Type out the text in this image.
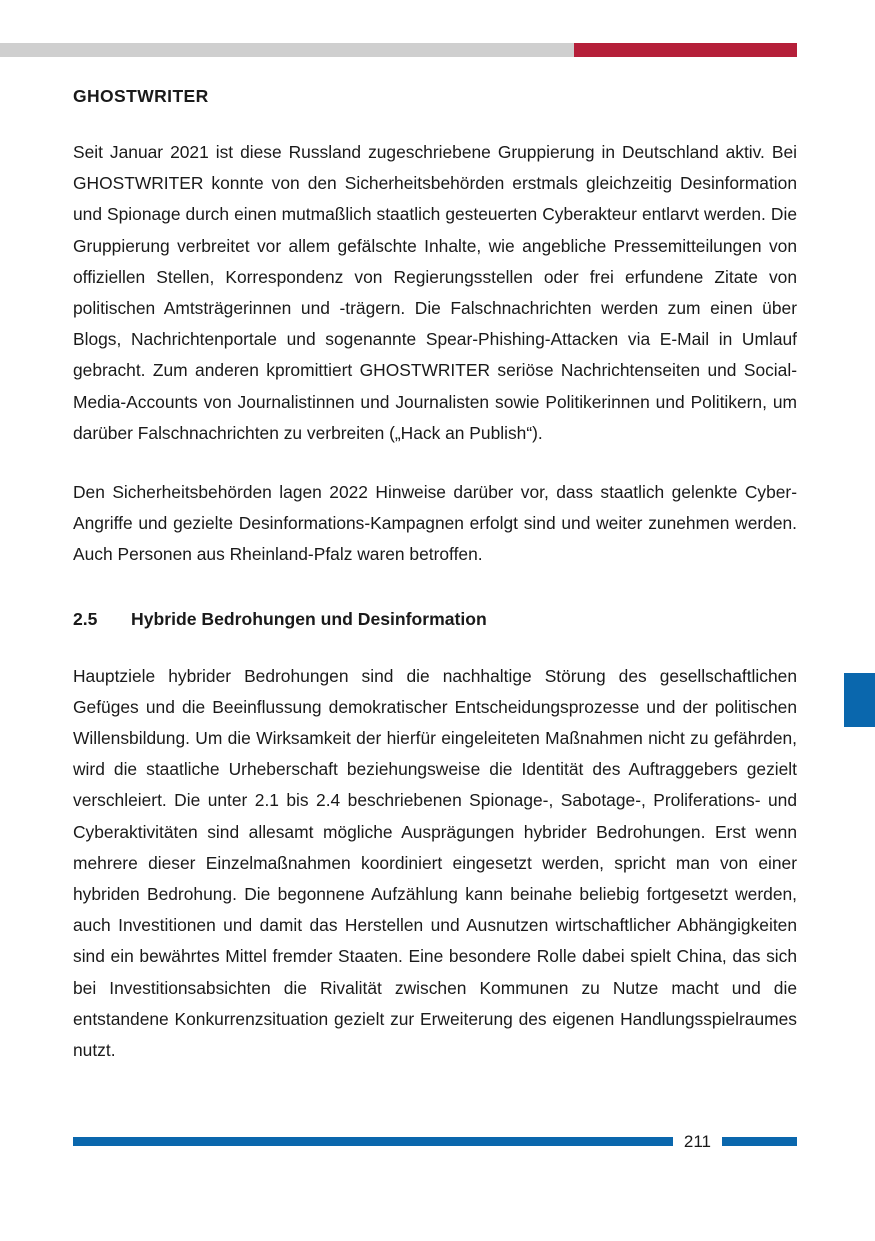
GHOSTWRITER

Seit Januar 2021 ist diese Russland zugeschriebene Gruppierung in Deutschland aktiv. Bei GHOSTWRITER konnte von den Sicherheitsbehörden erstmals gleichzeitig Desinformation und Spionage durch einen mutmaßlich staatlich gesteuerten Cyberakteur entlarvt werden. Die Gruppierung verbreitet vor allem gefälschte Inhalte, wie angebliche Pressemitteilungen von offiziellen Stellen, Korrespondenz von Regierungsstellen oder frei erfundene Zitate von politischen Amtsträgerinnen und -trägern. Die Falschnachrichten werden zum einen über Blogs, Nachrichtenportale und sogenannte Spear-Phishing-Attacken via E-Mail in Umlauf gebracht. Zum anderen kpromittiert GHOSTWRITER seriöse Nachrichtenseiten und Social-Media-Accounts von Journalistinnen und Journalisten sowie Politikerinnen und Politikern, um darüber Falschnachrichten zu verbreiten („Hack an Publish“).

Den Sicherheitsbehörden lagen 2022 Hinweise darüber vor, dass staatlich gelenkte Cyber-Angriffe und gezielte Desinformations-Kampagnen erfolgt sind und weiter zunehmen werden. Auch Personen aus Rheinland-Pfalz waren betroffen.

2.5	Hybride Bedrohungen und Desinformation

Hauptziele hybrider Bedrohungen sind die nachhaltige Störung des gesellschaftlichen Gefüges und die Beeinflussung demokratischer Entscheidungsprozesse und der politischen Willensbildung. Um die Wirksamkeit der hierfür eingeleiteten Maßnahmen nicht zu gefährden, wird die staatliche Urheberschaft beziehungsweise die Identität des Auftraggebers gezielt verschleiert. Die unter 2.1 bis 2.4 beschriebenen Spionage-, Sabotage-, Proliferations- und Cyberaktivitäten sind allesamt mögliche Ausprägungen hybrider Bedrohungen. Erst wenn mehrere dieser Einzelmaßnahmen koordiniert eingesetzt werden, spricht man von einer hybriden Bedrohung. Die begonnene Aufzählung kann beinahe beliebig fortgesetzt werden, auch Investitionen und damit das Herstellen und Ausnutzen wirtschaftlicher Abhängigkeiten sind ein bewährtes Mittel fremder Staaten. Eine besondere Rolle dabei spielt China, das sich bei Investitionsabsichten die Rivalität zwischen Kommunen zu Nutze macht und die entstandene Konkurrenzsituation gezielt zur Erweiterung des eigenen Handlungsspielraumes nutzt.

211
